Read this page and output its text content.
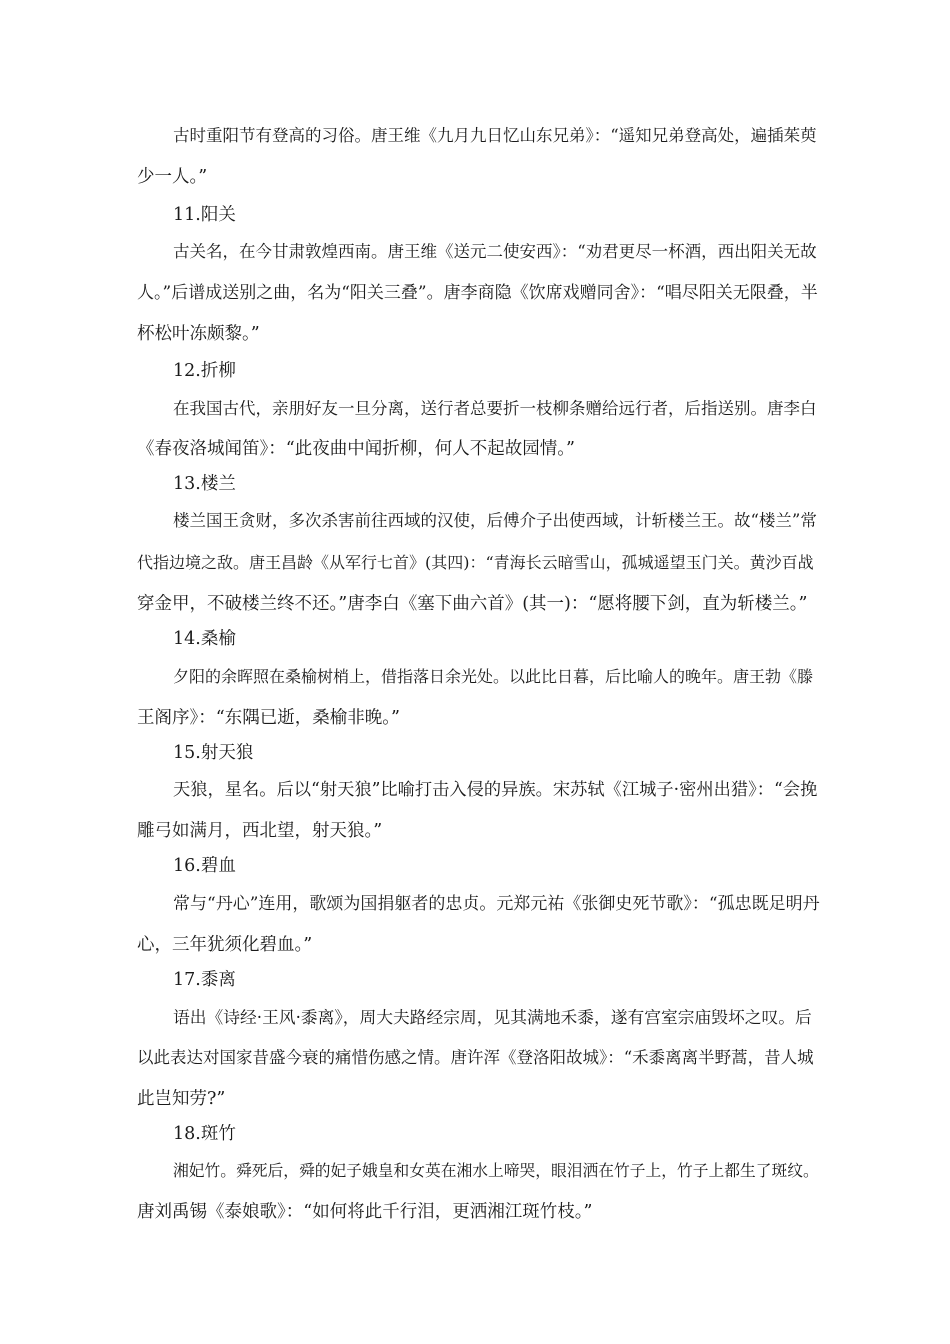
古时重阳节有登高的习俗。唐王维《九月九日忆山东兄弟》：“遥知兄弟登高处，遍插茱萸
少一人。”
11.阳关
古关名，在今甘肃敦煌西南。唐王维《送元二使安西》：“劝君更尽一杯酒，西出阳关无故
人。”后谱成送别之曲，名为“阳关三叠”。唐李商隐《饮席戏赠同舍》：“唱尽阳关无限叠，半
杯松叶冻颇黎。”
12.折柳
在我国古代，亲朋好友一旦分离，送行者总要折一枝柳条赠给远行者，后指送别。唐李白
《春夜洛城闻笛》：“此夜曲中闻折柳，何人不起故园情。”
13.楼兰
楼兰国王贪财，多次杀害前往西域的汉使，后傅介子出使西域，计斩楼兰王。故“楼兰”常
代指边境之敌。唐王昌龄《从军行七首》(其四)：“青海长云暗雪山，孤城遥望玉门关。黄沙百战
穿金甲，不破楼兰终不还。”唐李白《塞下曲六首》(其一)：“愿将腰下剑，直为斩楼兰。”
14.桑榆
夕阳的余晖照在桑榆树梢上，借指落日余光处。以此比日暮，后比喻人的晚年。唐王勃《滕
王阁序》：“东隅已逝，桑榆非晚。”
15.射天狼
天狼，星名。后以“射天狼”比喻打击入侵的异族。宋苏轼《江城子·密州出猎》：“会挽
雕弓如满月，西北望，射天狼。”
16.碧血
常与“丹心”连用，歌颂为国捐躯者的忠贞。元郑元祐《张御史死节歌》：“孤忠既足明丹
心，三年犹须化碧血。”
17.黍离
语出《诗经·王风·黍离》，周大夫路经宗周，见其满地禾黍，遂有宫室宗庙毁坏之叹。后
以此表达对国家昔盛今衰的痛惜伤感之情。唐许浑《登洛阳故城》：“禾黍离离半野蒿，昔人城
此岂知劳?”
18.斑竹
湘妃竹。舜死后，舜的妃子娥皇和女英在湘水上啼哭，眼泪洒在竹子上，竹子上都生了斑纹。
唐刘禹锡《泰娘歌》：“如何将此千行泪，更洒湘江斑竹枝。”
